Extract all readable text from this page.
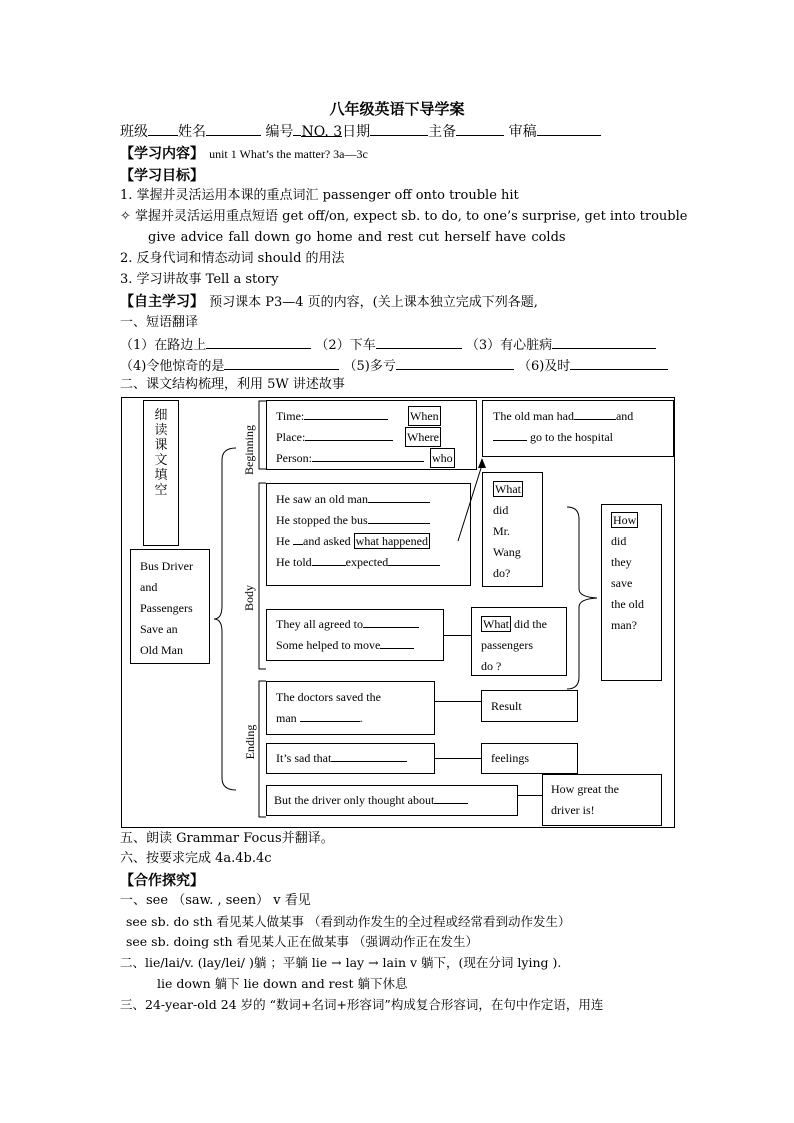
八年级英语下导学案
班级 姓名	编号 NO. 3日期	主备	审稿
【学习内容】 unit 1 What’s the matter? 3a—3c
【学习目标】
1. 掌握并灵活运用本课的重点词汇 passenger off onto trouble hit
✧ 掌握并灵活运用重点短语 get off/on, expect sb. to do, to one’s surprise, get into trouble
give advice fall down go home and rest cut herself have colds
2. 反身代词和情态动词 should 的用法
3. 学习讲故事 Tell a story
【自主学习】 预习课本 P3—4 页的内容，(关上课本独立完成下列各题,
一、短语翻译
（1）在路边上	（2）下车	（3）有心脏病
（4)令他惊奇的是	（5)多亏	（6)及时
二、课文结构梳理，利用 5W 讲述故事
细读课文填空
Bus Driver
and
Passengers
Save an
Old Man
Beginning
Body
Ending
Time:
Place:
Person:
When
Where
who
The old man had	and
go to the hospital
He saw an old man
He stopped the bus
He and asked what happened
He told	expected
What
did
Mr.
Wang
do?
How
did
they
save
the old
man?
They all agreed to
Some helped to move
What did the
passengers
do ?
The doctors saved the
man	.
Result
It’s sad that	feelings
But the driver only thought about
How great the
driver is!
五、朗读 Grammar Focus并翻译。
六、按要求完成 4a.4b.4c
【合作探究】
一、see （saw. , seen） v 看见
see sb. do sth 看见某人做某事 （看到动作发生的全过程或经常看到动作发生）
see sb. doing sth 看见某人正在做某事 （强调动作正在发生）
二、lie/lai/v. (lay/lei/ )躺 ；平躺 lie → lay → lain v 躺下，(现在分词 lying ).
lie down 躺下 lie down and rest 躺下休息
三、24-year-old 24 岁的 “数词+名词+形容词”构成复合形容词，在句中作定语，用连
